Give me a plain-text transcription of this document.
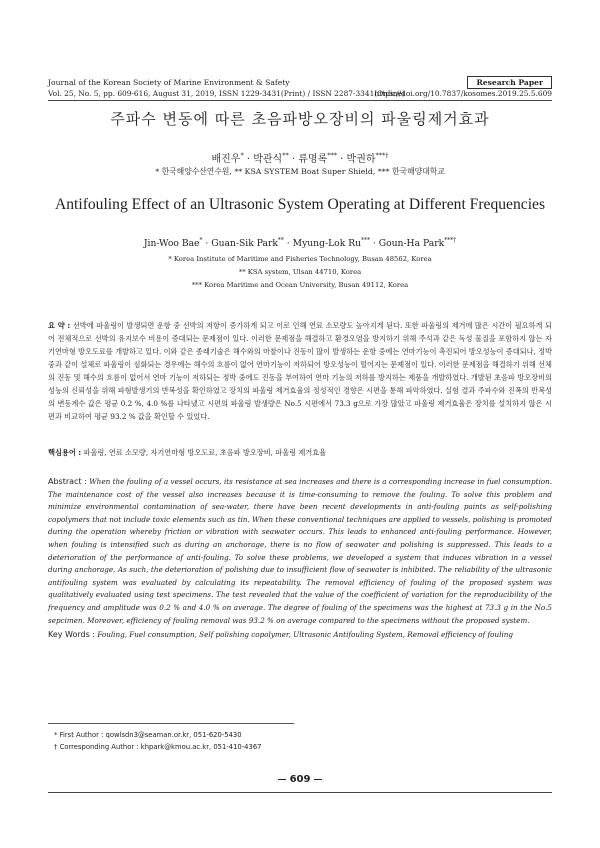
Journal of the Korean Society of Marine Environment & Safety	Research Paper
Vol. 25, No. 5, pp. 609-616, August 31, 2019, ISSN 1229-3431(Print) / ISSN 2287-3341(Online)
https://doi.org/10.7837/kosomes.2019.25.5.609
주파수 변동에 따른 초음파방오장비의 파울링제거효과
배진우* · 박관식** · 류명록*** · 박권하***†
* 한국해양수산연수원, ** KSA SYSTEM Boat Super Shield, *** 한국해양대학교
Antifouling Effect of an Ultrasonic System Operating at Different Frequencies
Jin-Woo Bae* · Guan-Sik Park** · Myung-Lok Ru*** · Goun-Ha Park***†
* Korea Institute of Maritime and Fisheries Technology, Busan 48562, Korea
** KSA system, Ulsan 44710, Korea
*** Korea Maritime and Ocean University, Busan 49112, Korea
요 약 : 선박에 파울링이 발생되면 운항 중 선박의 저항이 증가하게 되고 이로 인해 연료 소모량도 높아지게 된다. 또한 파울링의 제거에 많은 시간이 필요하게 되어 전체적으로 선박의 유지보수 비용이 증대되는 문제점이 있다. 이러한 문제점을 해결하고 환경오염을 방지하기 위해 주석과 같은 독성 물질을 포함하지 않는 자기연마형 방오도료를 개발하고 있다. 이와 같은 종래기술은 해수와의 마찰이나 진동이 많이 발생하는 운항 중에는 연마기능이 촉진되어 방오성능이 증대되나, 정박 중과 같이 설체로 파울링이 심화되는 경우에는 해수의 흐름이 없어 연마기능이 저하되어 방오성능이 떨어지는 문제점이 있다. 이러한 문제점을 해결하기 위해 선체의 진동 및 해수의 흐름이 없어서 연마 기능이 저하되는 정박 중에도 진동을 부여하여 연마 기능의 저하를 방지하는 제품을 개발하였다. 개발된 초음파 방오장비의 성능의 신뢰성을 위해 파형발생기의 반복성을 확인하였고 장치의 파울링 제거효율의 정성적인 경향은 시편을 통해 파악하였다. 실험 결과 주파수와 진폭의 반복성의 변동계수 값은 평균 0.2 %, 4.0 %를 나타냈고 시편의 파울링 발생량은 No.5 시편에서 73.3 g으로 가장 많았고 파울링 제거효율은 장치를 설치하지 않은 시편과 비교하여 평균 93.2 % 값을 확인할 수 있었다.
핵심용어 : 파울링, 연료 소모량, 자기연마형 방오도료, 초음파 방오장비, 파울링 제거효율
Abstract : When the fouling of a vessel occurs, its resistance at sea increases and there is a corresponding increase in fuel consumption. The maintenance cost of the vessel also increases because it is time-consuming to remove the fouling. To solve this problem and minimize environmental contamination of sea-water, there have been recent developments in anti-fouling paints as self-polishing copolymers that not include toxic elements such as tin. When these conventional techniques are applied to vessels, polishing is promoted during the operation whereby friction or vibration with seawater occurs. This leads to enhanced anti-fouling performance. However, when fouling is intensified such as during an anchorage, there is no flow of seawater and polishing is suppressed. This leads to a deterioration of the performance of anti-fouling. To solve these problems, we developed a system that induces vibration in a vessel during anchorage. As such, the deterioration of polishing due to insufficient flow of seawater is inhibited. The reliability of the ultrasonic antifouling system was evaluated by calculating its repeatability. The removal efficiency of fouling of the proposed system was qualitatively evaluated using test specimens. The test revealed that the value of the coefficient of variation for the reproducibility of the frequency and amplitude was 0.2 % and 4.0 % on average. The degree of fouling of the specimens was the highest at 73.3 g in the No.5 sepcimen. Moreover, efficiency of fouling removal was 93.2 % on average compared to the specimens without the proposed system.
Key Words : Fouling, Fuel consumption, Self polishing copolymer, Ultrasonic Antifouling System, Removal efficiency of fouling
* First Author : qowlsdn3@seaman.or.kr, 051-620-5430
† Corresponding Author : khpark@kmou.ac.kr, 051-410-4367
609
